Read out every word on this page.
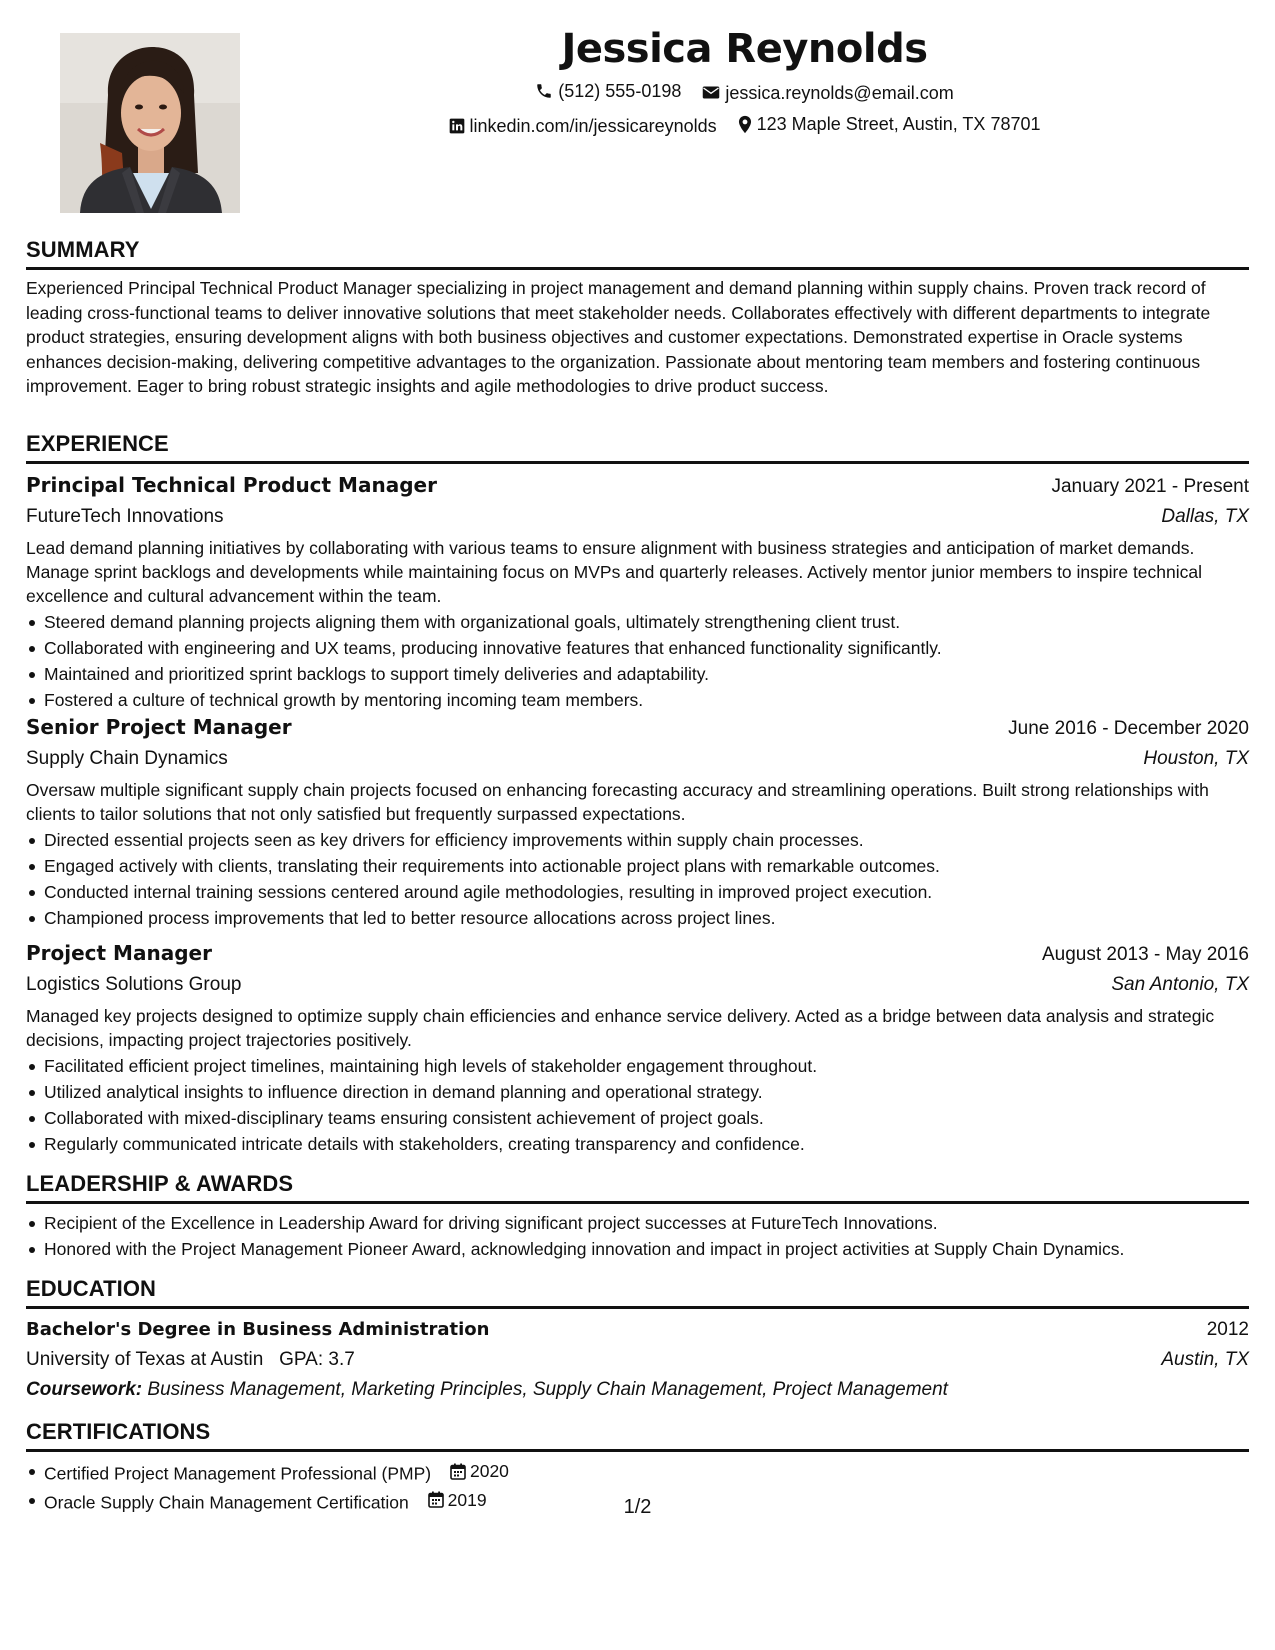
Jessica Reynolds
(512) 555-0198
jessica.reynolds@email.com
linkedin.com/in/jessicareynolds
123 Maple Street, Austin, TX 78701
SUMMARY
Experienced Principal Technical Product Manager specializing in project management and demand planning within supply chains. Proven track record of leading cross-functional teams to deliver innovative solutions that meet stakeholder needs. Collaborates effectively with different departments to integrate product strategies, ensuring development aligns with both business objectives and customer expectations. Demonstrated expertise in Oracle systems enhances decision-making, delivering competitive advantages to the organization. Passionate about mentoring team members and fostering continuous improvement. Eager to bring robust strategic insights and agile methodologies to drive product success.
EXPERIENCE
Principal Technical Product Manager	January 2021 - Present
FutureTech Innovations	Dallas, TX
Lead demand planning initiatives by collaborating with various teams to ensure alignment with business strategies and anticipation of market demands. Manage sprint backlogs and developments while maintaining focus on MVPs and quarterly releases. Actively mentor junior members to inspire technical excellence and cultural advancement within the team.
Steered demand planning projects aligning them with organizational goals, ultimately strengthening client trust.
Collaborated with engineering and UX teams, producing innovative features that enhanced functionality significantly.
Maintained and prioritized sprint backlogs to support timely deliveries and adaptability.
Fostered a culture of technical growth by mentoring incoming team members.
Senior Project Manager	June 2016 - December 2020
Supply Chain Dynamics	Houston, TX
Oversaw multiple significant supply chain projects focused on enhancing forecasting accuracy and streamlining operations. Built strong relationships with clients to tailor solutions that not only satisfied but frequently surpassed expectations.
Directed essential projects seen as key drivers for efficiency improvements within supply chain processes.
Engaged actively with clients, translating their requirements into actionable project plans with remarkable outcomes.
Conducted internal training sessions centered around agile methodologies, resulting in improved project execution.
Championed process improvements that led to better resource allocations across project lines.
Project Manager	August 2013 - May 2016
Logistics Solutions Group	San Antonio, TX
Managed key projects designed to optimize supply chain efficiencies and enhance service delivery. Acted as a bridge between data analysis and strategic decisions, impacting project trajectories positively.
Facilitated efficient project timelines, maintaining high levels of stakeholder engagement throughout.
Utilized analytical insights to influence direction in demand planning and operational strategy.
Collaborated with mixed-disciplinary teams ensuring consistent achievement of project goals.
Regularly communicated intricate details with stakeholders, creating transparency and confidence.
LEADERSHIP & AWARDS
Recipient of the Excellence in Leadership Award for driving significant project successes at FutureTech Innovations.
Honored with the Project Management Pioneer Award, acknowledging innovation and impact in project activities at Supply Chain Dynamics.
EDUCATION
Bachelor's Degree in Business Administration	2012
University of Texas at Austin GPA: 3.7	Austin, TX
Coursework: Business Management, Marketing Principles, Supply Chain Management, Project Management
CERTIFICATIONS
Certified Project Management Professional (PMP) 2020
Oracle Supply Chain Management Certification 2019	1/2
